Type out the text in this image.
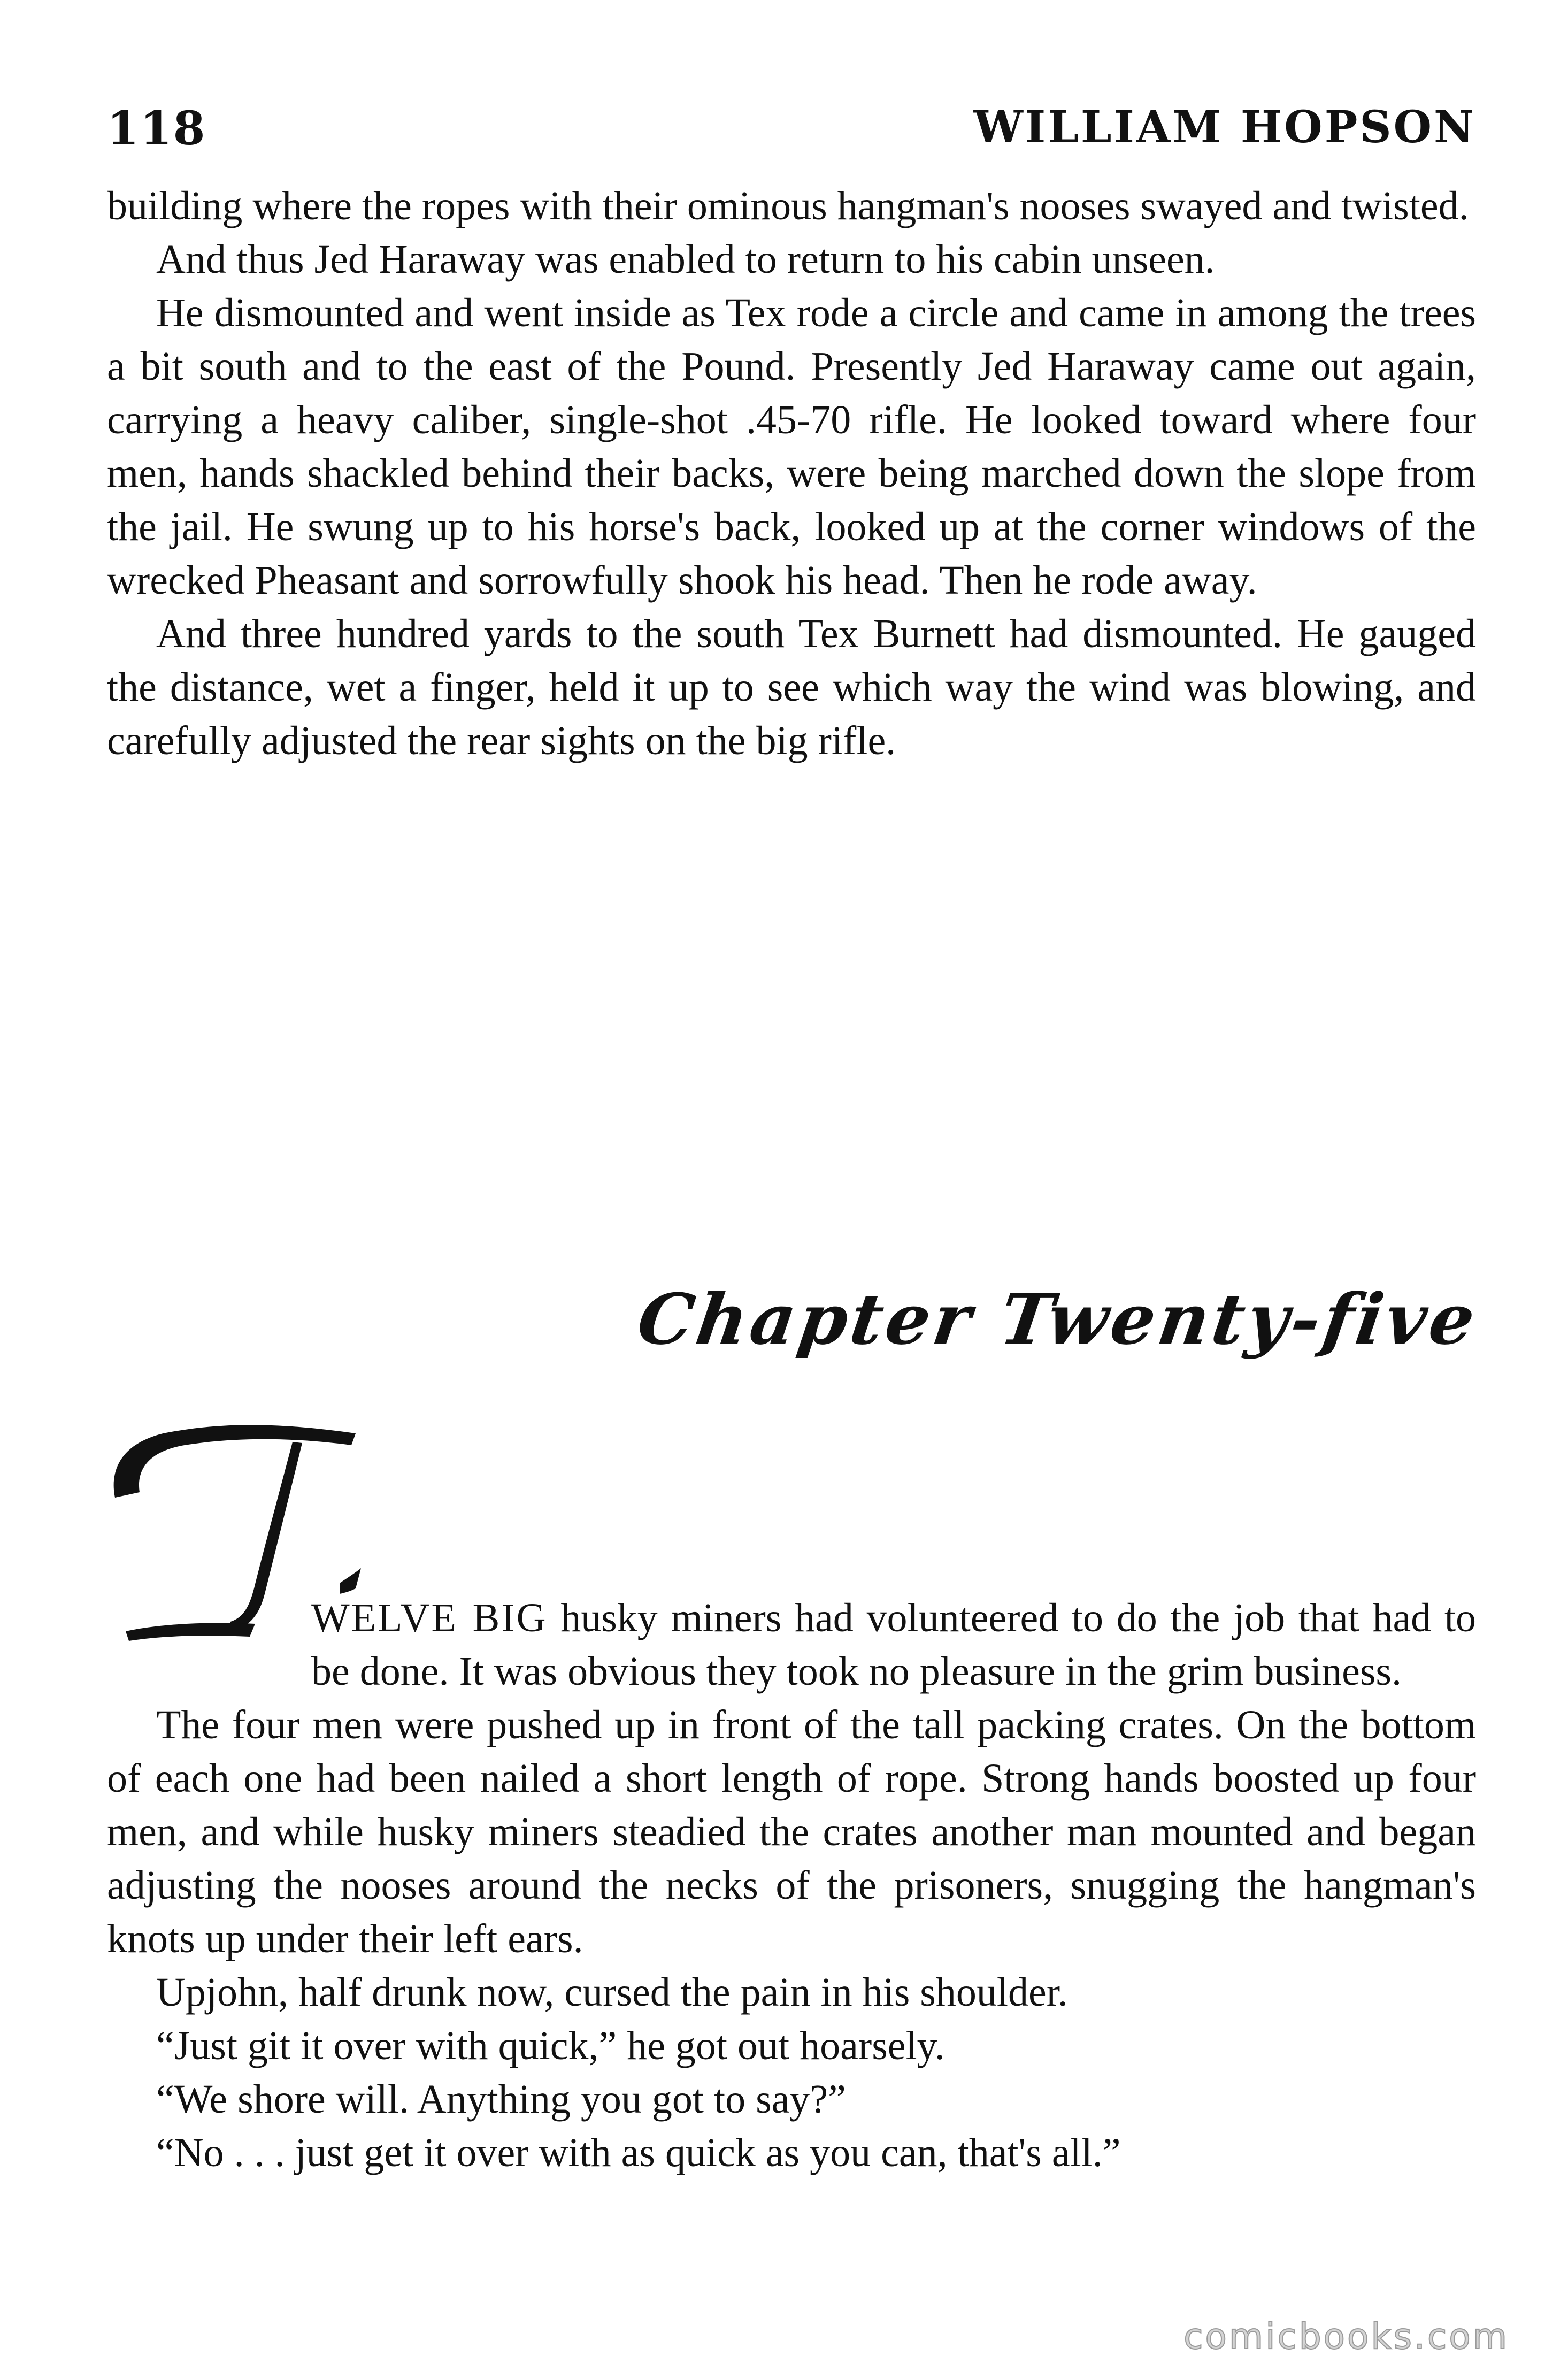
118	WILLIAM HOPSON

building where the ropes with their ominous hangman's nooses swayed and twisted.

And thus Jed Haraway was enabled to return to his cabin unseen.

He dismounted and went inside as Tex rode a circle and came in among the trees a bit south and to the east of the Pound. Presently Jed Haraway came out again, carrying a heavy caliber, single-shot .45-70 rifle. He looked toward where four men, hands shackled behind their backs, were being marched down the slope from the jail. He swung up to his horse's back, looked up at the corner windows of the wrecked Pheasant and sorrowfully shook his head. Then he rode away.

And three hundred yards to the south Tex Burnett had dismounted. He gauged the distance, wet a finger, held it up to see which way the wind was blowing, and carefully adjusted the rear sights on the big rifle.

Chapter Twenty-five

WELVE BIG husky miners had volunteered to do the job that had to be done. It was obvious they took no pleasure in the grim business.

The four men were pushed up in front of the tall packing crates. On the bottom of each one had been nailed a short length of rope. Strong hands boosted up four men, and while husky miners steadied the crates another man mounted and began adjusting the nooses around the necks of the prisoners, snugging the hangman's knots up under their left ears.

Upjohn, half drunk now, cursed the pain in his shoulder.

“Just git it over with quick,” he got out hoarsely.

“We shore will. Anything you got to say?”

“No . . . just get it over with as quick as you can, that's all.”

comicbooks.com
